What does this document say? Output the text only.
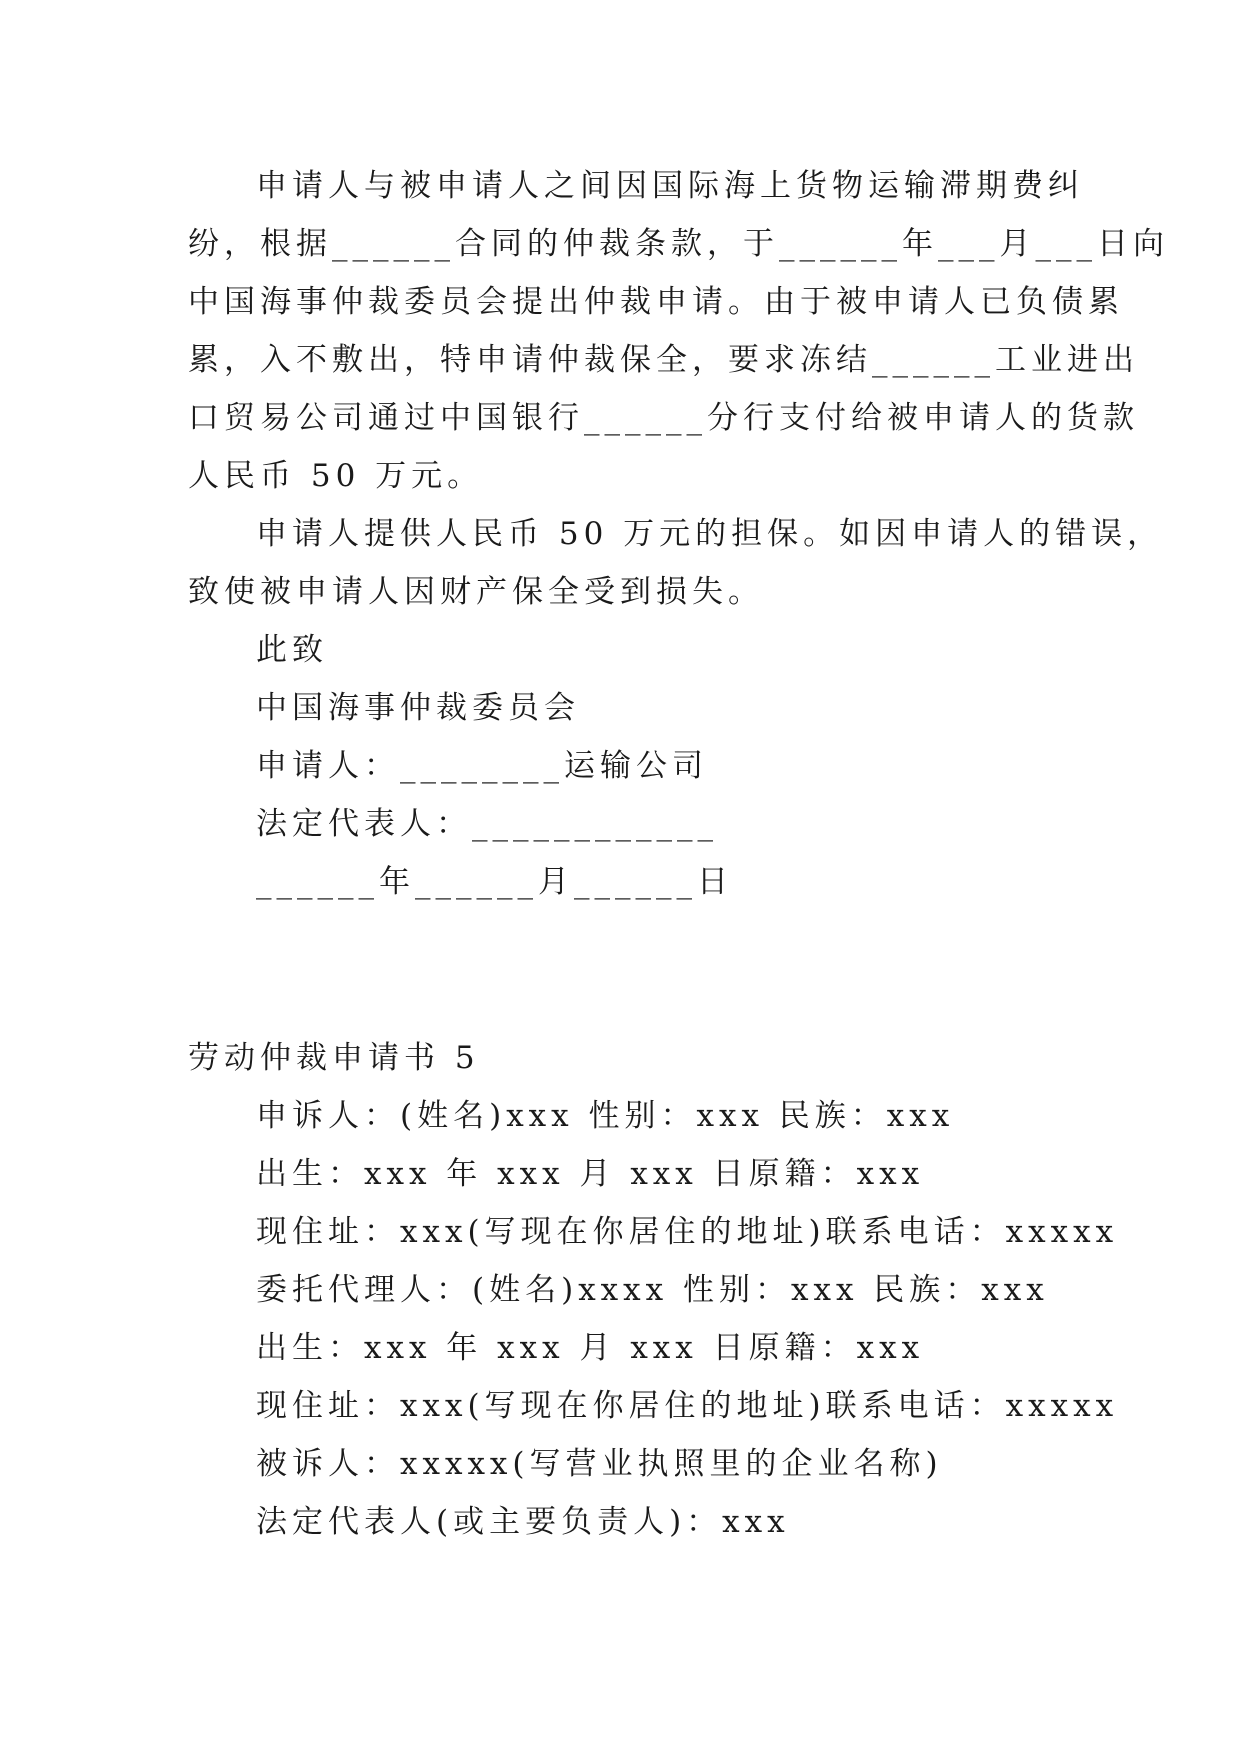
申请人与被申请人之间因国际海上货物运输滞期费纠
纷，根据______合同的仲裁条款，于______年___月___日向
中国海事仲裁委员会提出仲裁申请。由于被申请人已负债累
累，入不敷出，特申请仲裁保全，要求冻结______工业进出
口贸易公司通过中国银行______分行支付给被申请人的货款
人民币 50 万元。
申请人提供人民币 50 万元的担保。如因申请人的错误，
致使被申请人因财产保全受到损失。
此致
中国海事仲裁委员会
申请人：________运输公司
法定代表人：____________
______年______月______日
劳动仲裁申请书 5
申诉人：(姓名)xxx 性别：xxx 民族：xxx
出生：xxx 年 xxx 月 xxx 日原籍：xxx
现住址：xxx(写现在你居住的地址)联系电话：xxxxx
委托代理人：(姓名)xxxx 性别：xxx 民族：xxx
出生：xxx 年 xxx 月 xxx 日原籍：xxx
现住址：xxx(写现在你居住的地址)联系电话：xxxxx
被诉人：xxxxx(写营业执照里的企业名称)
法定代表人(或主要负责人)：xxx
